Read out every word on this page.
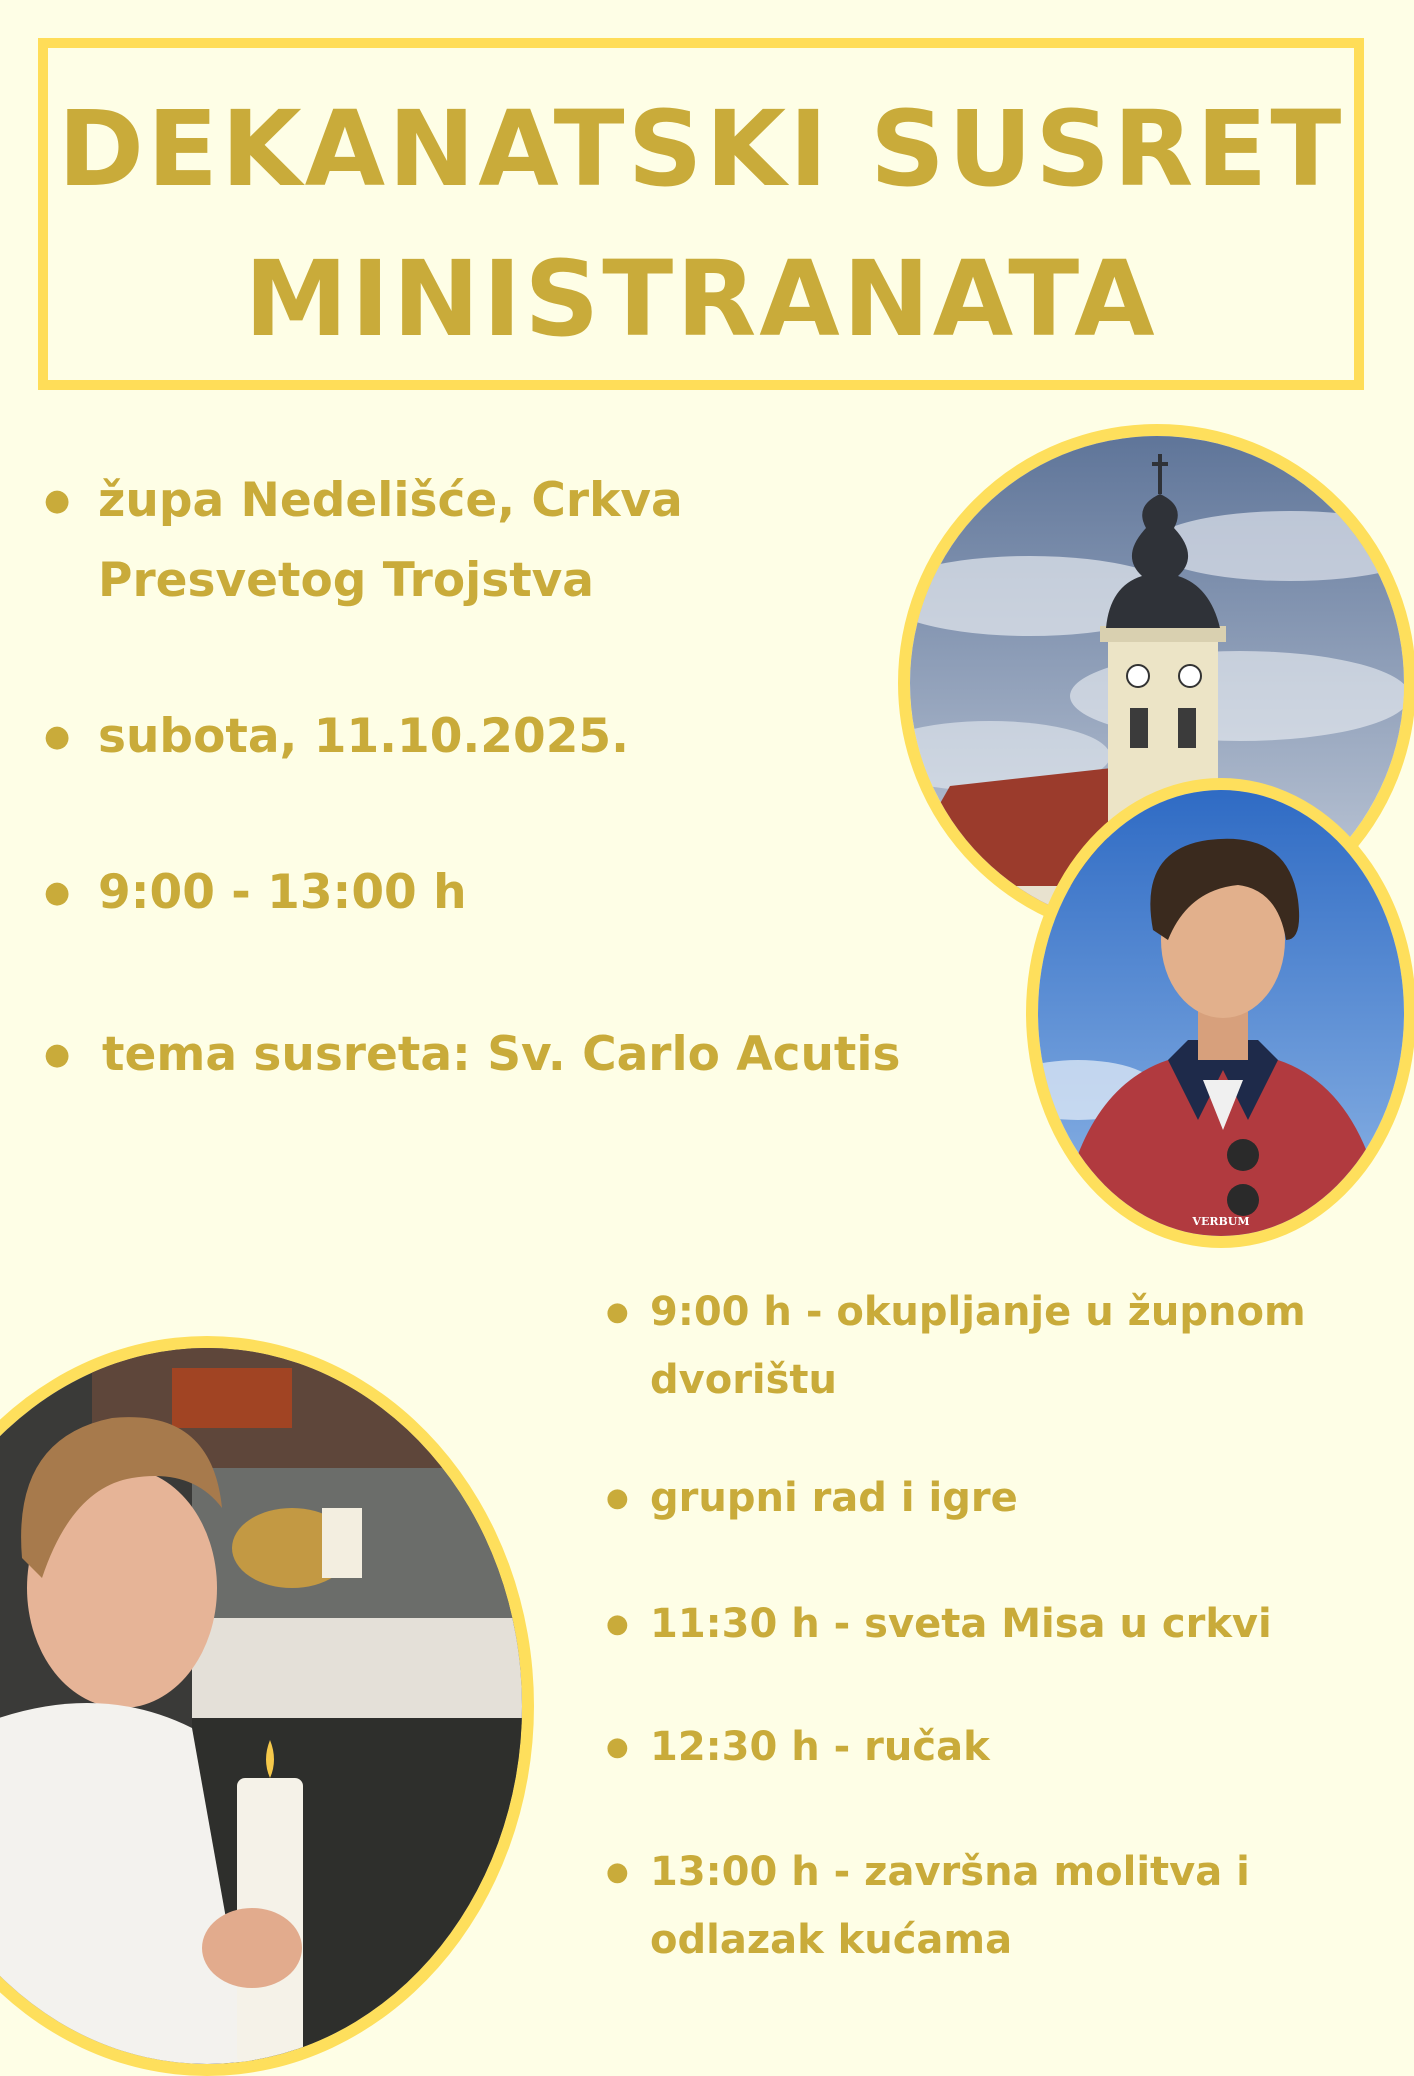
DEKANATSKI SUSRET
MINISTRANATA
VERBUM
● župa Nedelišće, Crkva
Presvetog Trojstva
● subota, 11.10.2025.
● 9:00 - 13:00 h
● tema susreta: Sv. Carlo Acutis
● 9:00 h - okupljanje u župnom
dvorištu
● grupni rad i igre
● 11:30 h - sveta Misa u crkvi
● 12:30 h - ručak
● 13:00 h - završna molitva i
odlazak kućama
